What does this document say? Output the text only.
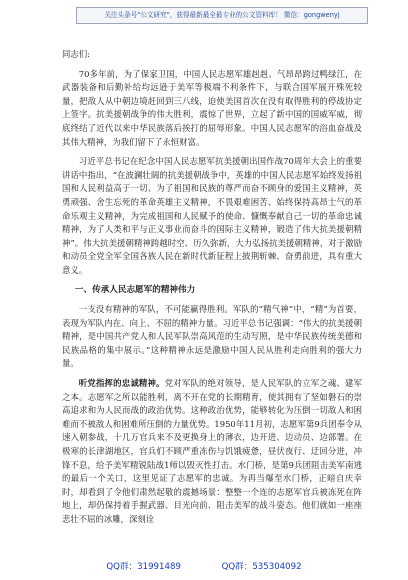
关注头条号"公文研究"，获得最新最全最专业的公文资料库！ 微信：gongwenyj

同志们:

70多年前，为了保家卫国，中国人民志愿军雄赳赳、气昂昂跨过鸭绿江，在武器装备和后勤补给均远逊于美军等极端不利条件下，与联合国军展开殊死较量，把敌人从中朝边境赶回到三八线，迫使美国首次在没有取得胜利的停战协定上签字。抗美援朝战争的伟大胜利，震惊了世界，立起了新中国的国威军威，彻底终结了近代以来中华民族落后挨打的屈辱形象。中国人民志愿军的浴血奋战及其伟大精神，为我们留下了永恒财富。

习近平总书记在纪念中国人民志愿军抗美援朝出国作战70周年大会上的重要讲话中指出，“在波澜壮阔的抗美援朝战争中，英雄的中国人民志愿军始终发扬祖国和人民利益高于一切、为了祖国和民族的尊严而奋不顾身的爱国主义精神，英勇顽强、舍生忘死的革命英雄主义精神，不畏艰难困苦、始终保持高昂士气的革命乐观主义精神，为完成祖国和人民赋予的使命、慷慨奉献自己一切的革命忠诚精神，为了人类和平与正义事业而奋斗的国际主义精神，锻造了伟大抗美援朝精神”。伟大抗美援朝精神跨越时空、历久弥新，大力弘扬抗美援朝精神，对于激励和动员全党全军全国各族人民在新时代新征程上披荆斩棘、奋勇前进，具有重大意义。

一、传承人民志愿军的精神伟力

一支没有精神的军队，不可能赢得胜利。军队的“精气神”中，“精”为首要，表现为军队内在、向上、不屈的精神力量。习近平总书记强调：“伟大的抗美援朝精神，是中国共产党人和人民军队崇高风范的生动写照，是中华民族传统美德和民族品格的集中展示。”这种精神永远是激励中国人民从胜利走向胜利的强大力量。

听党指挥的忠诚精神。党对军队的绝对领导，是人民军队的立军之魂、建军之本。志愿军之所以能胜利，离不开在党的长期精育，使其拥有了坚如磐石的崇高追求和为人民而战的政治优势。这种政治优势，能够转化为压倒一切敌人和困难而不被敌人和困难所压倒的力量优势。1950年11月初，志愿军第9兵团奉令从速入朝参战，十几万官兵来不及更换身上的薄衣，边开进、边动员、边部署。在极寒的长津湖地区，官兵们不顾严重冻伤与饥饿疲惫，昼伏夜行、迂回分进，冲锋不息，给予美军精锐陆战1师以毁灭性打击。水门桥，是第9兵团阻击美军南逃的最后一个关口，这里见证了志愿军的忠诚。为再当爆至水门桥，正暗自庆幸时，却看到了令他们肃然起敬的震撼场景：整整一个连的志愿军官兵被冻死在阵地上，却仍保持着手握武器、目光向前、阻击美军的战斗姿态。他们就如一座座悲壮不屈的冰雕，深刻诠

QQ群：31991489	QQ群：535304092
